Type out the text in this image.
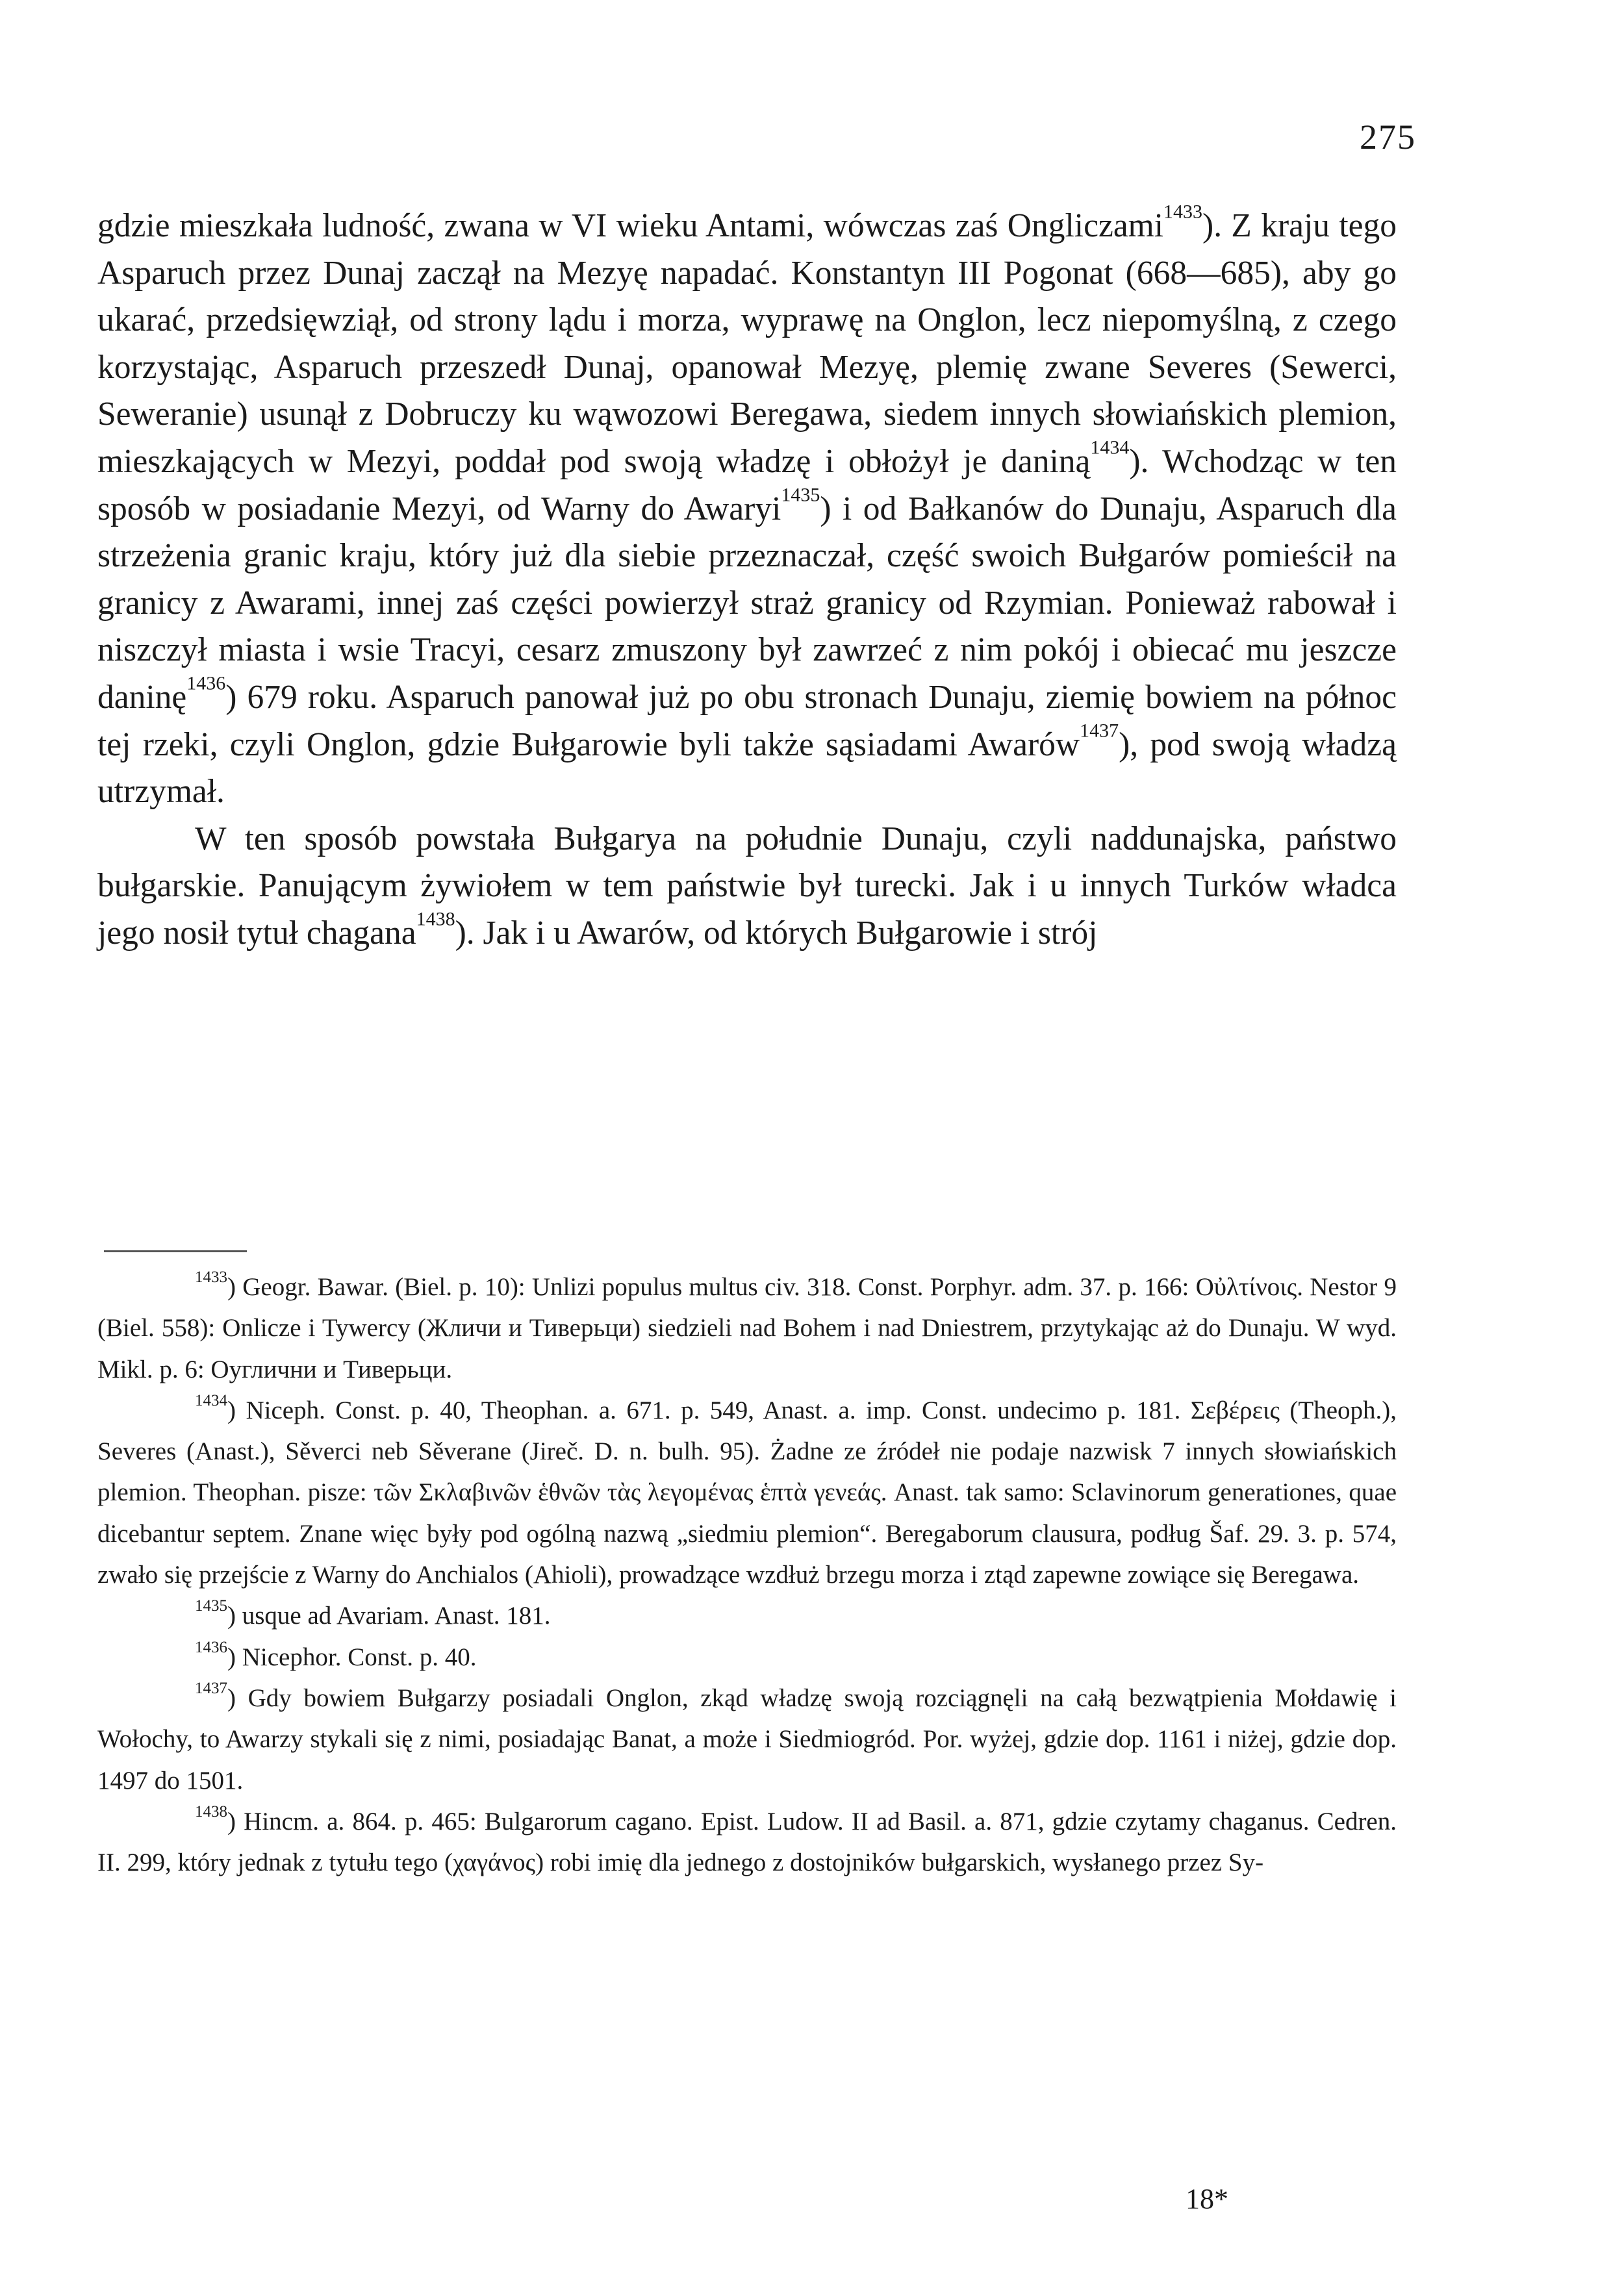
275

gdzie mieszkała ludność, zwana w VI wieku Antami, wówczas zaś Ongliczami$^{1433}$). Z kraju tego Asparuch przez Dunaj zaczął na Mezyę napadać. Konstantyn III Pogonat (668—685), aby go ukarać, przedsięwziął, od strony lądu i morza, wyprawę na Onglon, lecz niepomyślną, z czego korzystając, Asparuch przeszedł Dunaj, opanował Mezyę, plemię zwane Severes (Sewerci, Seweranie) usunął z Dobruczy ku wąwozowi Beregawa, siedem innych słowiańskich plemion, mieszkających w Mezyi, poddał pod swoją władzę i obłożył je daniną$^{1434}$). Wchodząc w ten sposób w posiadanie Mezyi, od Warny do Awaryi$^{1435}$) i od Bałkanów do Dunaju, Asparuch dla strzeżenia granic kraju, który już dla siebie przeznaczał, część swoich Bułgarów pomieścił na granicy z Awarami, innej zaś części powierzył straż granicy od Rzymian. Ponieważ rabował i niszczył miasta i wsie Tracyi, cesarz zmuszony był zawrzeć z nim pokój i obiecać mu jeszcze daninę$^{1436}$) 679 roku. Asparuch panował już po obu stronach Dunaju, ziemię bowiem na północ tej rzeki, czyli Onglon, gdzie Bułgarowie byli także sąsiadami Awarów$^{1437}$), pod swoją władzą utrzymał.

W ten sposób powstała Bułgarya na południe Dunaju, czyli naddunajska, państwo bułgarskie. Panującym żywiołem w tem państwie był turecki. Jak i u innych Turków władca jego nosił tytuł chagana$^{1438}$). Jak i u Awarów, od których Bułgarowie i strój

$^{1433}$) Geogr. Bawar. (Biel. p. 10): Unlizi populus multus civ. 318. Const. Porphyr. adm. 37. p. 166: Οὐλτίνοις. Nestor 9 (Biel. 558): Onlicze i Tywercy (Жличи и Тиверьци) siedzieli nad Bohem i nad Dniestrem, przytykając aż do Dunaju. W wyd. Mikl. p. 6: Оуглични и Тиверьци.

$^{1434}$) Niceph. Const. p. 40, Theophan. a. 671. p. 549, Anast. a. imp. Const. undecimo p. 181. Σεβέρεις (Theoph.), Severes (Anast.), Sěverci neb Sěverane (Jireč. D. n. bulh. 95). Żadne ze źródeł nie podaje nazwisk 7 innych słowiańskich plemion. Theophan. pisze: τῶν Σκλαβινῶν ἑθνῶν τὰς λεγομένας ἑπτὰ γενεάς. Anast. tak samo: Sclavinorum generationes, quae dicebantur septem. Znane więc były pod ogólną nazwą „siedmiu plemion“. Beregaborum clausura, podług Šaf. 29. 3. p. 574, zwało się przejście z Warny do Anchialos (Ahioli), prowadzące wzdłuż brzegu morza i ztąd zapewne zowiące się Beregawa.

$^{1435}$) usque ad Avariam. Anast. 181.

$^{1436}$) Nicephor. Const. p. 40.

$^{1437}$) Gdy bowiem Bułgarzy posiadali Onglon, zkąd władzę swoją rozciągnęli na całą bezwątpienia Mołdawię i Wołochy, to Awarzy stykali się z nimi, posiadając Banat, a może i Siedmiogród. Por. wyżej, gdzie dop. 1161 i niżej, gdzie dop. 1497 do 1501.

$^{1438}$) Hincm. a. 864. p. 465: Bulgarorum cagano. Epist. Ludow. II ad Basil. a. 871, gdzie czytamy chaganus. Cedren. II. 299, który jednak z tytułu tego (χαγάνος) robi imię dla jednego z dostojników bułgarskich, wysłanego przez Sy-

18*
